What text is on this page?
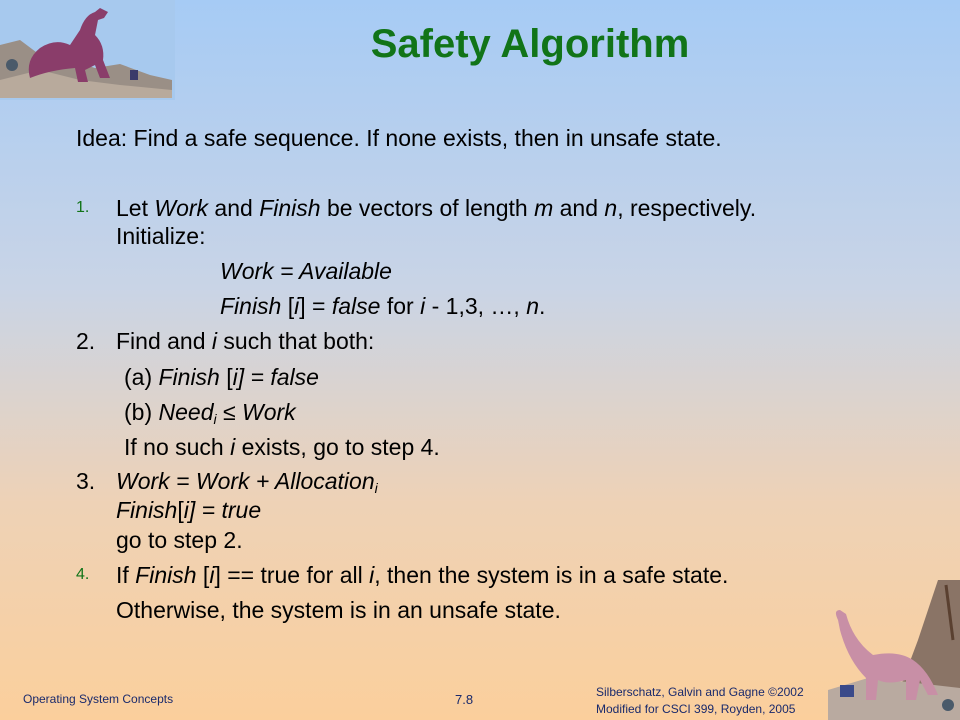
Safety Algorithm
Idea: Find a safe sequence. If none exists, then in unsafe state.
1. Let Work and Finish be vectors of length m and n, respectively.
Initialize:
Work = Available
Finish [i] = false for i - 1,3, …, n.
2. Find and i such that both:
(a) Finish [i] = false
(b) Need$_i$ ≤ Work
If no such i exists, go to step 4.
3. Work = Work + Allocation$_i$
Finish[i] = true
go to step 2.
4. If Finish [i] == true for all i, then the system is in a safe state.
Otherwise, the system is in an unsafe state.
Operating System Concepts	7.8	Silberschatz, Galvin and Gagne ©2002
Modified for CSCI 399, Royden, 2005
